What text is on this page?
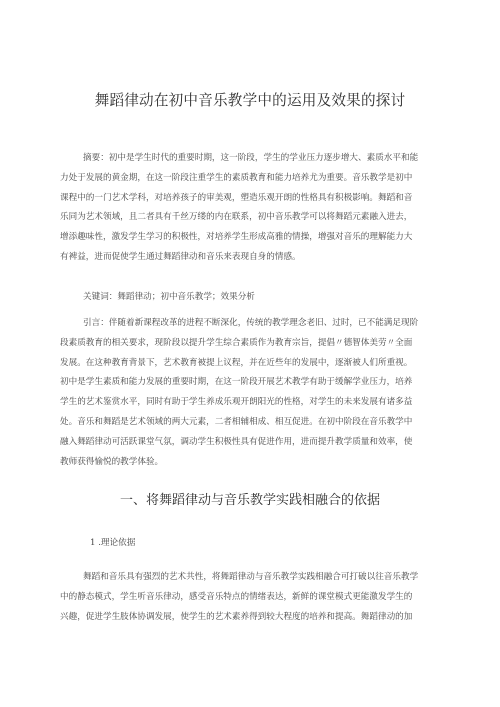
舞蹈律动在初中音乐教学中的运用及效果的探讨
摘要：初中是学生时代的重要时期，这一阶段，学生的学业压力逐步增大、素质水平和能
力处于发展的黄金期，在这一阶段注重学生的素质教育和能力培养尤为重要。音乐教学是初中
课程中的一门艺术学科，对培养孩子的审美观，塑造乐观开朗的性格具有积极影响。舞蹈和音
乐同为艺术领域，且二者具有千丝万缕的内在联系，初中音乐教学可以将舞蹈元素融入进去，
增添趣味性，激发学生学习的积极性，对培养学生形成高雅的情操，增强对音乐的理解能力大
有裨益，进而促使学生通过舞蹈律动和音乐来表现自身的情感。
关键词：舞蹈律动；初中音乐教学；效果分析
引言：伴随着新课程改革的进程不断深化，传统的教学理念老旧、过时，已不能满足现阶
段素质教育的相关要求，现阶段以提升学生综合素质作为教育宗旨，提倡〃德智体美劳〃全面
发展。在这种教育背景下，艺术教育被提上议程，并在近些年的发展中，逐渐被人们所重视。
初中是学生素质和能力发展的重要时期，在这一阶段开展艺术教学有助于缓解学业压力，培养
学生的艺术鉴赏水平，同时有助于学生养成乐观开朗阳光的性格，对学生的未来发展有诸多益
处。音乐和舞蹈是艺术领域的两大元素，二者相辅相成、相互促进。在初中阶段在音乐教学中
融入舞蹈律动可活跃课堂气氛，调动学生积极性具有促进作用，进而提升教学质量和效率，使
教师获得愉悦的教学体验。
一、将舞蹈律动与音乐教学实践相融合的依据
1 .理论依据
舞蹈和音乐具有强烈的艺术共性，将舞蹈律动与音乐教学实践相融合可打破以往音乐教学
中的静态模式，学生听音乐律动，感受音乐特点的情绪表达，新鲜的课堂模式更能激发学生的
兴趣，促进学生肢体协调发展，使学生的艺术素养得到较大程度的培养和提高。舞蹈律动的加
